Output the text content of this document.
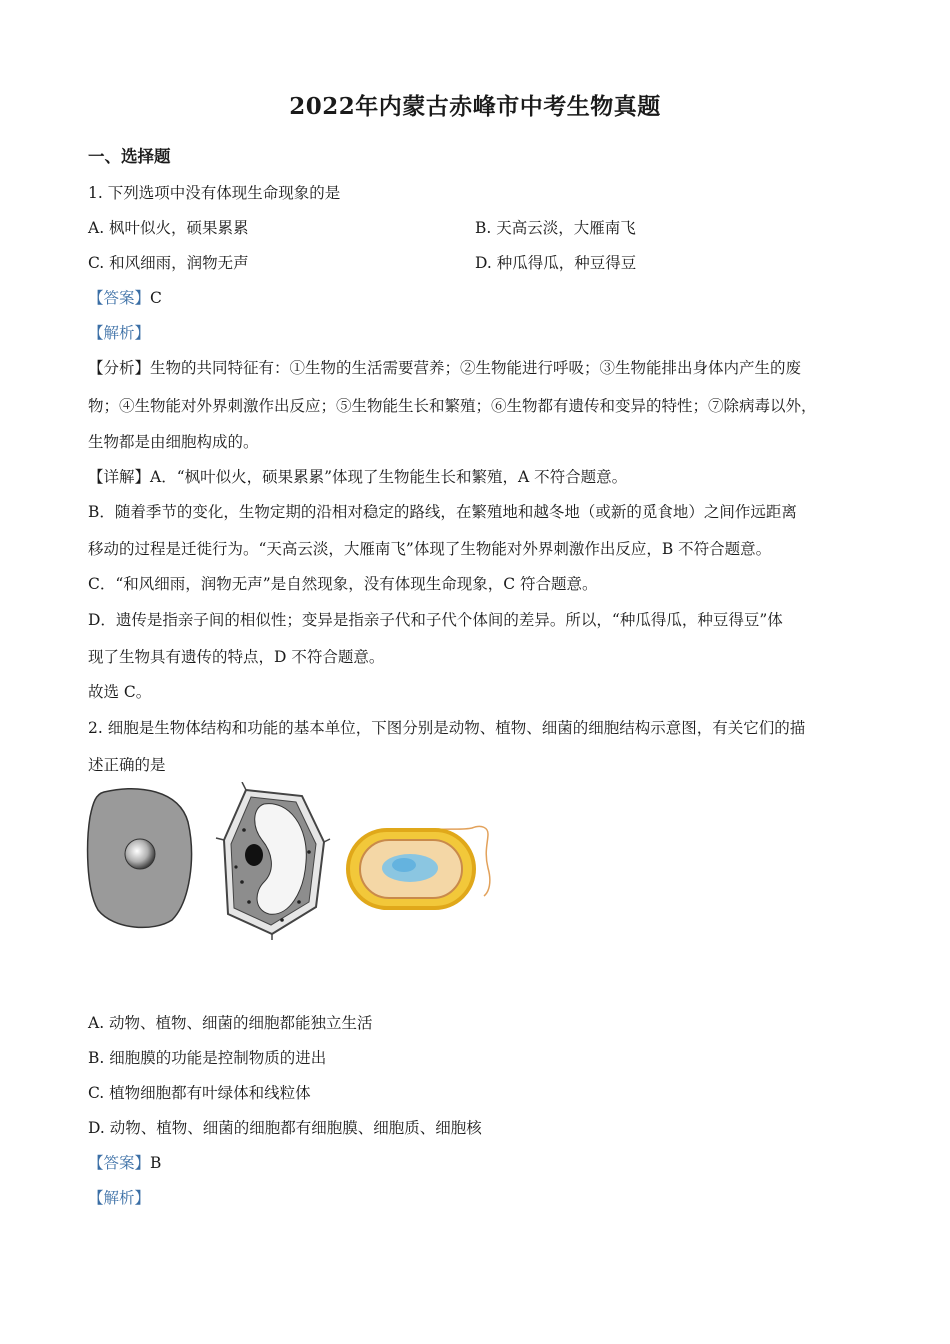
2022年内蒙古赤峰市中考生物真题
一、选择题
1. 下列选项中没有体现生命现象的是
A. 枫叶似火，硕果累累	B. 天高云淡，大雁南飞
C. 和风细雨，润物无声	D. 种瓜得瓜，种豆得豆
【答案】C
【解析】
【分析】生物的共同特征有：①生物的生活需要营养；②生物能进行呼吸；③生物能排出身体内产生的废
物；④生物能对外界刺激作出反应；⑤生物能生长和繁殖；⑥生物都有遗传和变异的特性；⑦除病毒以外，
生物都是由细胞构成的。
【详解】A．“枫叶似火，硕果累累”体现了生物能生长和繁殖，A 不符合题意。
B．随着季节的变化，生物定期的沿相对稳定的路线，在繁殖地和越冬地（或新的觅食地）之间作远距离
移动的过程是迁徙行为。“天高云淡，大雁南飞”体现了生物能对外界刺激作出反应，B 不符合题意。
C．“和风细雨，润物无声”是自然现象，没有体现生命现象，C 符合题意。
D．遗传是指亲子间的相似性；变异是指亲子代和子代个体间的差异。所以，“种瓜得瓜，种豆得豆”体
现了生物具有遗传的特点，D 不符合题意。
故选 C。
2. 细胞是生物体结构和功能的基本单位，下图分别是动物、植物、细菌的细胞结构示意图，有关它们的描
述正确的是
A. 动物、植物、细菌的细胞都能独立生活
B. 细胞膜的功能是控制物质的进出
C. 植物细胞都有叶绿体和线粒体
D. 动物、植物、细菌的细胞都有细胞膜、细胞质、细胞核
【答案】B
【解析】
